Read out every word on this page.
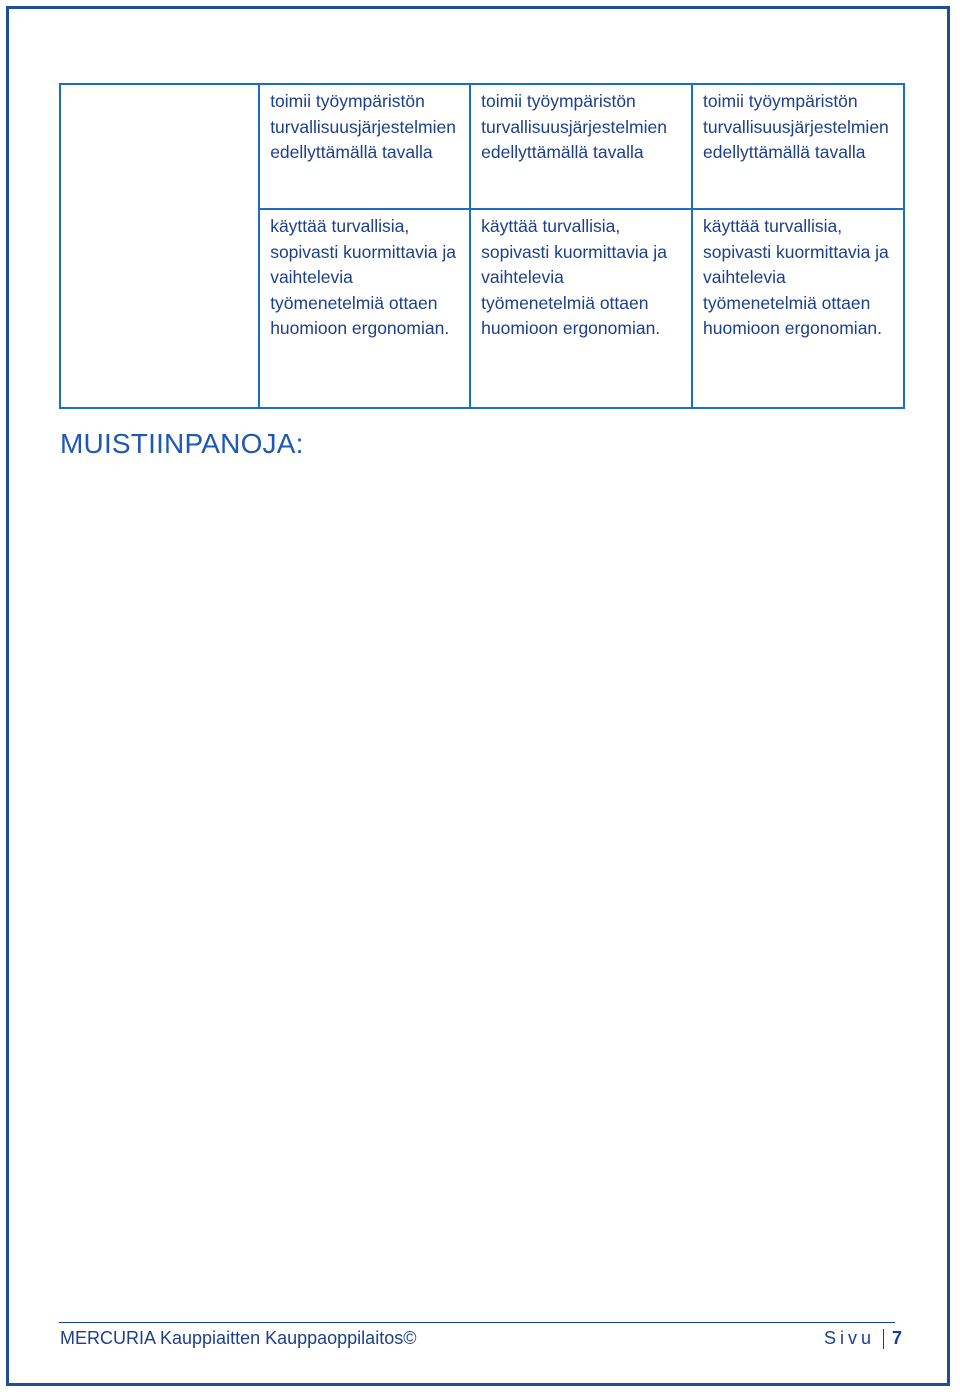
	toimii työympäristön turvallisuusjärjestelmien edellyttämällä tavalla	toimii työympäristön turvallisuusjärjestelmien edellyttämällä tavalla	toimii työympäristön turvallisuusjärjestelmien edellyttämällä tavalla

	käyttää turvallisia, sopivasti kuormittavia ja vaihtelevia työmenetelmiä ottaen huomioon ergonomian.	käyttää turvallisia, sopivasti kuormittavia ja vaihtelevia työmenetelmiä ottaen huomioon ergonomian.	käyttää turvallisia, sopivasti kuormittavia ja vaihtelevia työmenetelmiä ottaen huomioon ergonomian.

MUISTIINPANOJA:
MERCURIA Kauppiaitten Kauppaoppilaitos©	Sivu 7
